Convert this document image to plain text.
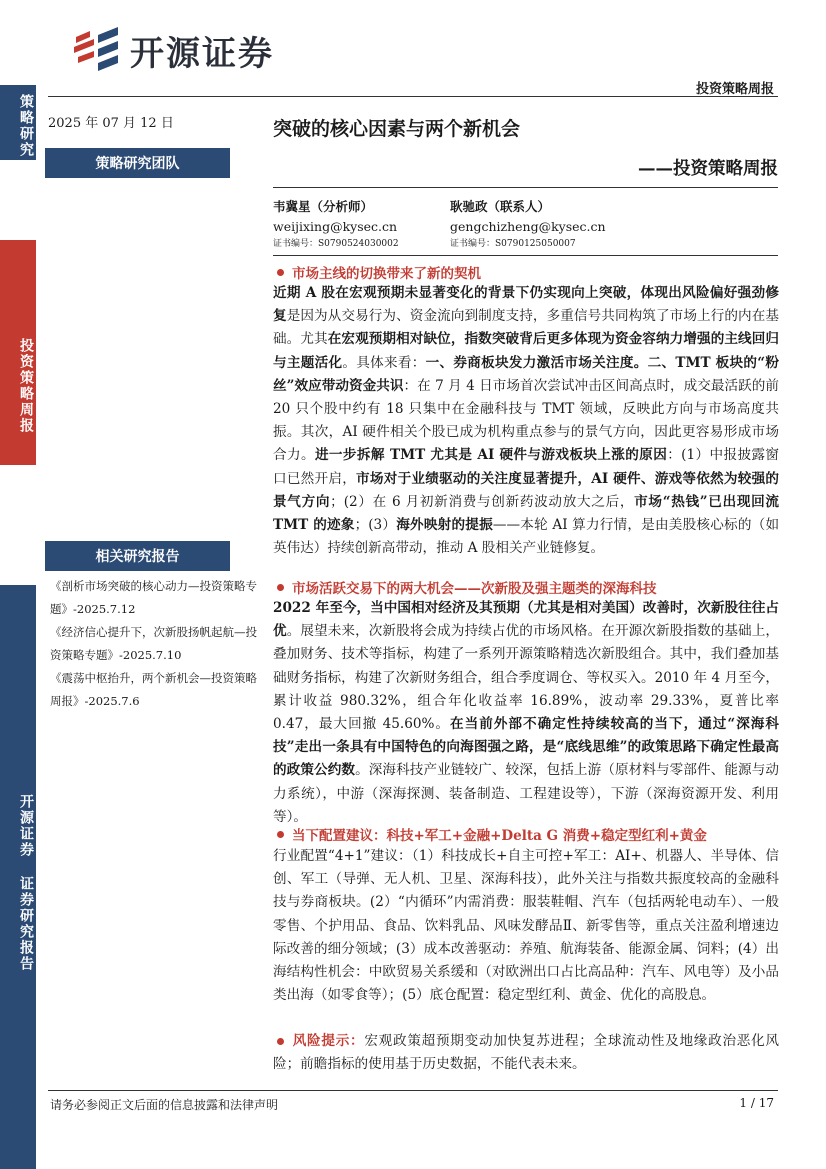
开源证券
投资策略周报
策略研究
投资策略周报
开源证券 证券研究报告
2025 年 07 月 12 日
策略研究团队
相关研究报告

《剖析市场突破的核心动力—投资策略专题》-2025.7.12

《经济信心提升下，次新股扬帆起航—投资策略专题》-2025.7.10

《震荡中枢抬升，两个新机会—投资策略周报》-2025.7.6

突破的核心因素与两个新机会
——投资策略周报
韦冀星（分析师）
weijixing@kysec.cn
证书编号：S0790524030002
耿驰政（联系人）
gengchizheng@kysec.cn
证书编号：S0790125050007
市场主线的切换带来了新的契机

近期 A 股在宏观预期未显著变化的背景下仍实现向上突破，体现出风险偏好强劲修复是因为从交易行为、资金流向到制度支持，多重信号共同构筑了市场上行的内在基础。尤其在宏观预期相对缺位，指数突破背后更多体现为资金容纳力增强的主线回归与主题活化。具体来看：一、券商板块发力激活市场关注度。二、TMT 板块的“粉丝”效应带动资金共识：在 7 月 4 日市场首次尝试冲击区间高点时，成交最活跃的前 20 只个股中约有 18 只集中在金融科技与 TMT 领域，反映此方向与市场高度共振。其次，AI 硬件相关个股已成为机构重点参与的景气方向，因此更容易形成市场合力。进一步拆解 TMT 尤其是 AI 硬件与游戏板块上涨的原因：(1）中报披露窗口已然开启，市场对于业绩驱动的关注度显著提升，AI 硬件、游戏等依然为较强的景气方向；(2）在 6 月初新消费与创新药波动放大之后，市场“热钱”已出现回流 TMT 的迹象；(3）海外映射的提振——本轮 AI 算力行情，是由美股核心标的（如英伟达）持续创新高带动，推动 A 股相关产业链修复。

市场活跃交易下的两大机会——次新股及强主题类的深海科技

2022 年至今，当中国相对经济及其预期（尤其是相对美国）改善时，次新股往往占优。展望未来，次新股将会成为持续占优的市场风格。在开源次新股指数的基础上，叠加财务、技术等指标，构建了一系列开源策略精选次新股组合。其中，我们叠加基础财务指标，构建了次新财务组合，组合季度调仓、等权买入。2010 年 4 月至今，累计收益 980.32%，组合年化收益率 16.89%，波动率 29.33%，夏普比率 0.47，最大回撤 45.60%。在当前外部不确定性持续较高的当下，通过“深海科技”走出一条具有中国特色的向海图强之路，是“底线思维”的政策思路下确定性最高的政策公约数。深海科技产业链较广、较深，包括上游（原材料与零部件、能源与动力系统），中游（深海探测、装备制造、工程建设等），下游（深海资源开发、利用等）。

当下配置建议：科技+军工+金融+Delta G 消费+稳定型红利+黄金

行业配置“4+1”建议：（1）科技成长+自主可控+军工：AI+、机器人、半导体、信创、军工（导弹、无人机、卫星、深海科技），此外关注与指数共振度较高的金融科技与券商板块。(2）“内循环”内需消费：服装鞋帽、汽车（包括两轮电动车）、一般零售、个护用品、食品、饮料乳品、风味发酵品Ⅱ、新零售等，重点关注盈利增速边际改善的细分领域；(3）成本改善驱动：养殖、航海装备、能源金属、饲料；(4）出海结构性机会：中欧贸易关系缓和（对欧洲出口占比高品种：汽车、风电等）及小品类出海（如零食等）；(5）底仓配置：稳定型红利、黄金、优化的高股息。

风险提示：宏观政策超预期变动加快复苏进程；全球流动性及地缘政治恶化风险；前瞻指标的使用基于历史数据，不能代表未来。
请务必参阅正文后面的信息披露和法律声明	1 / 17
